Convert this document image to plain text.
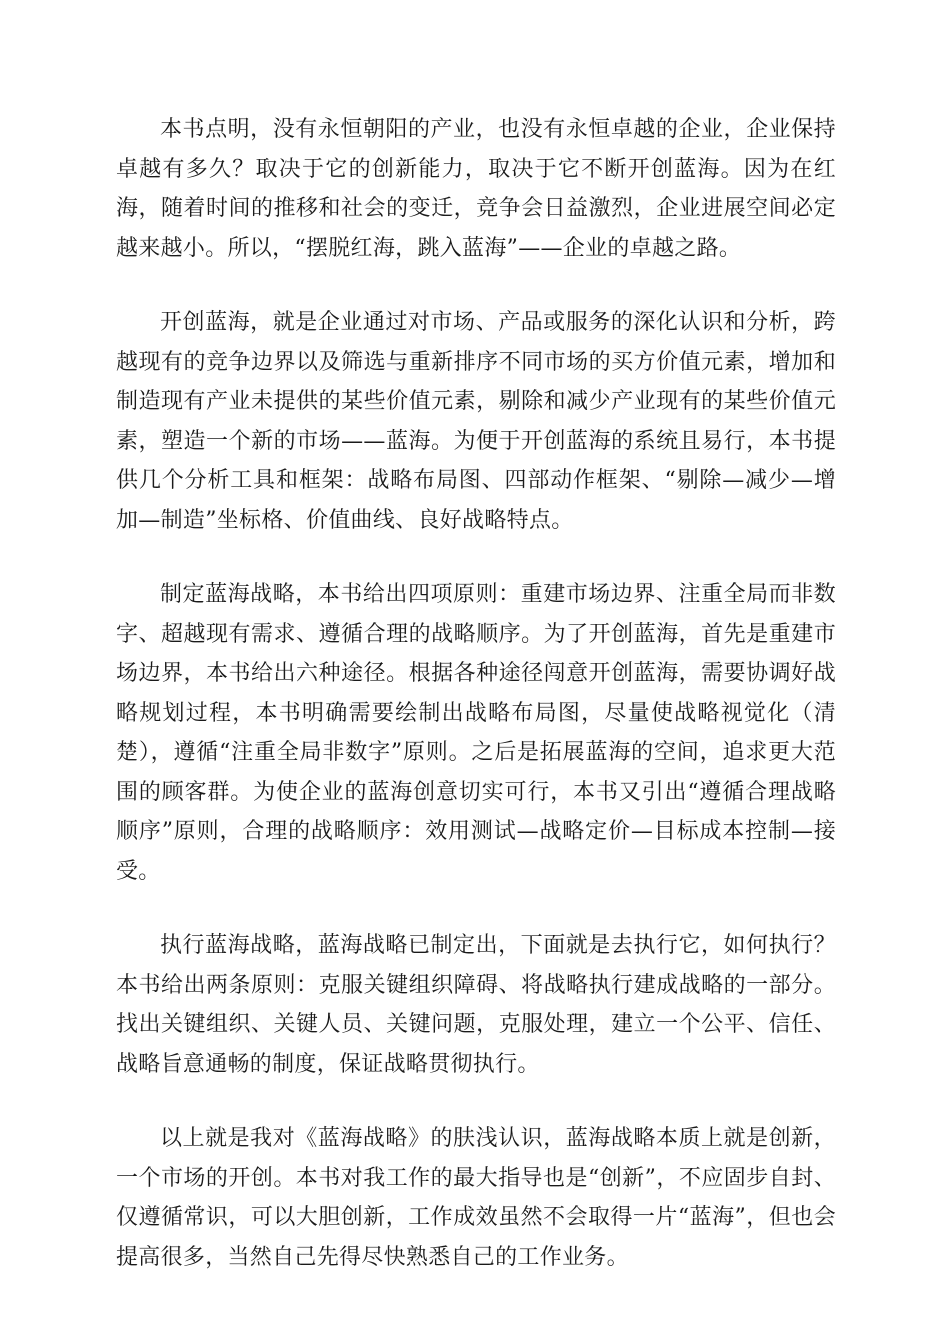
本书点明，没有永恒朝阳的产业，也没有永恒卓越的企业，企业保持卓越有多久？取决于它的创新能力，取决于它不断开创蓝海。因为在红海，随着时间的推移和社会的变迁，竞争会日益激烈，企业进展空间必定越来越小。所以，“摆脱红海，跳入蓝海”——企业的卓越之路。

开创蓝海，就是企业通过对市场、产品或服务的深化认识和分析，跨越现有的竞争边界以及筛选与重新排序不同市场的买方价值元素，增加和制造现有产业未提供的某些价值元素，剔除和减少产业现有的某些价值元素，塑造一个新的市场——蓝海。为便于开创蓝海的系统且易行，本书提供几个分析工具和框架：战略布局图、四部动作框架、“剔除—减少—增加—制造”坐标格、价值曲线、良好战略特点。

制定蓝海战略，本书给出四项原则：重建市场边界、注重全局而非数字、超越现有需求、遵循合理的战略顺序。为了开创蓝海，首先是重建市场边界，本书给出六种途径。根据各种途径闯意开创蓝海，需要协调好战略规划过程，本书明确需要绘制出战略布局图，尽量使战略视觉化（清楚），遵循“注重全局非数字”原则。之后是拓展蓝海的空间，追求更大范围的顾客群。为使企业的蓝海创意切实可行，本书又引出“遵循合理战略顺序”原则，合理的战略顺序：效用测试—战略定价—目标成本控制—接受。

执行蓝海战略，蓝海战略已制定出，下面就是去执行它，如何执行？本书给出两条原则：克服关键组织障碍、将战略执行建成战略的一部分。找出关键组织、关键人员、关键问题，克服处理，建立一个公平、信任、战略旨意通畅的制度，保证战略贯彻执行。

以上就是我对《蓝海战略》的肤浅认识，蓝海战略本质上就是创新，一个市场的开创。本书对我工作的最大指导也是“创新”，不应固步自封、仅遵循常识，可以大胆创新，工作成效虽然不会取得一片“蓝海”，但也会提高很多，当然自己先得尽快熟悉自己的工作业务。
